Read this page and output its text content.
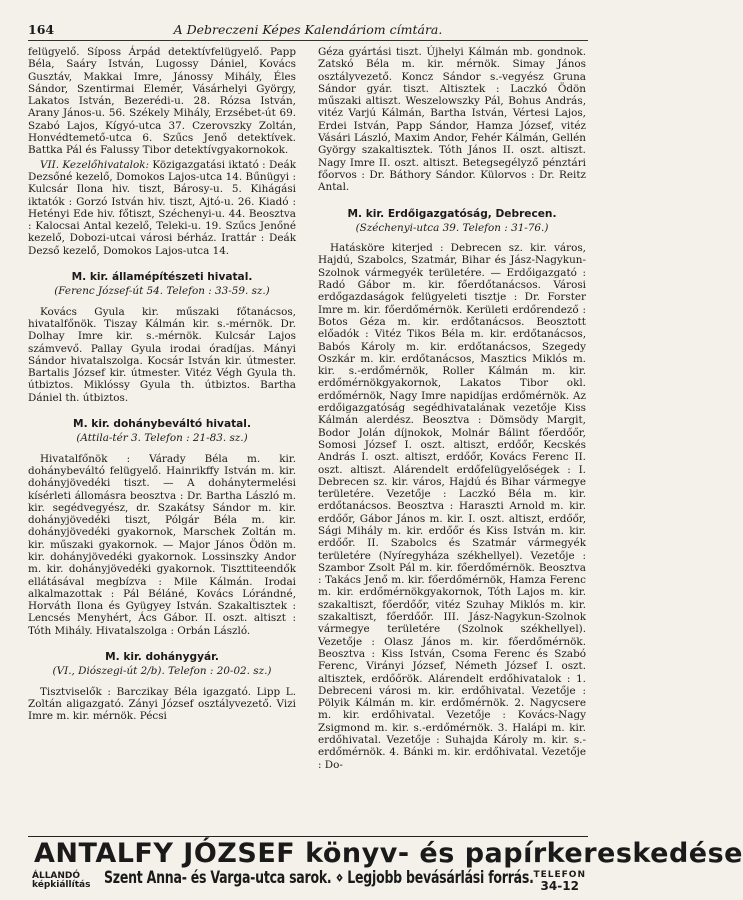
164	A Debreczeni Képes Kalendáriom címtára.

felügyelő. Síposs Árpád detektívfelügyelő. Papp Béla, Saáry István, Lugossy Dániel, Kovács Gusztáv, Makkai Imre, Jánossy Mihály, Éles Sándor, Szentirmai Elemér, Vásárhelyi György, Lakatos István, Bezerédi-u. 28. Rózsa István, Arany János-u. 56. Székely Mihály, Erzsébet-út 69. Szabó Lajos, Kígyó-utca 37. Czerovszky Zoltán, Honvédtemető-utca 6. Szűcs Jenő detektívek. Battka Pál és Falussy Tibor detektívgyakornokok.

VII. Kezelőhivatalok: Közigazgatási iktató : Deák Dezsőné kezelő, Domokos Lajos-utca 14. Bűnügyi : Kulcsár Ilona hiv. tiszt, Bárosy-u. 5. Kihágási iktatók : Gorzó István hiv. tiszt, Ajtó-u. 26. Kiadó : Hetényi Ede hiv. főtiszt, Széchenyi-u. 44. Beosztva : Kalocsai Antal kezelő, Teleki-u. 19. Szűcs Jenőné kezelő, Dobozi-utcai városi bérház. Irattár : Deák Dezső kezelő, Domokos Lajos-utca 14.

M. kir. államépítészeti hivatal.
(Ferenc József-út 54. Telefon : 33-59. sz.)

Kovács Gyula kir. műszaki főtanácsos, hivatalfőnök. Tiszay Kálmán kir. s.-mérnök. Dr. Dolhay Imre kir. s.-mérnök. Kulcsár Lajos számvevő. Pallay Gyula irodai óradíjas. Mányi Sándor hivatalszolga. Kocsár István kir. útmester. Bartalis József kir. útmester. Vitéz Végh Gyula th. útbiztos. Miklóssy Gyula th. útbiztos. Bartha Dániel th. útbiztos.

M. kir. dohánybeváltó hivatal.
(Attila-tér 3. Telefon : 21-83. sz.)

Hivatalfőnök : Várady Béla m. kir. dohánybeváltó felügyelő. Hainrikffy István m. kir. dohányjövedéki tiszt. — A dohánytermelési kísérleti állomásra beosztva : Dr. Bartha László m. kir. segédvegyész, dr. Szakátsy Sándor m. kir. dohányjövedéki tiszt, Pólgár Béla m. kir. dohányjövedéki gyakornok, Marschek Zoltán m. kir. műszaki gyakornok. — Major János Ödön m. kir. dohányjövedéki gyakornok. Lossinszky Andor m. kir. dohányjövedéki gyakornok. Tiszttiteendők ellátásával megbízva : Mile Kálmán. Irodai alkalmazottak : Pál Béláné, Kovács Lórándné, Horváth Ilona és Gyügyey István. Szakaltisztek : Lencsés Menyhért, Ács Gábor. II. oszt. altiszt : Tóth Mihály. Hivatalszolga : Orbán László.

M. kir. dohánygyár.
(VI., Diószegi-út 2/b). Telefon : 20-02. sz.)

Tisztviselők : Barczikay Béla igazgató. Lipp L. Zoltán aligazgató. Zányi József osztályvezető. Vizi Imre m. kir. mérnök. Pécsi

Géza gyártási tiszt. Újhelyi Kálmán mb. gondnok. Zatskó Béla m. kir. mérnök. Simay János osztályvezető. Koncz Sándor s.-vegyész Gruna Sándor gyár. tiszt. Altisztek : Laczkó Ödön műszaki altiszt. Weszelowszky Pál, Bohus András, vitéz Varjú Kálmán, Bartha István, Vértesi Lajos, Erdei István, Papp Sándor, Hamza József, vitéz Vásári László, Maxim Andor, Fehér Kálmán, Gellén György szakaltisztek. Tóth János II. oszt. altiszt. Nagy Imre II. oszt. altiszt. Betegsegélyző pénztári főorvos : Dr. Báthory Sándor. Külorvos : Dr. Reitz Antal.

M. kir. Erdőigazgatóság, Debrecen.
(Széchenyi-utca 39. Telefon : 31-76.)

Hatásköre kiterjed : Debrecen sz. kir. város, Hajdú, Szabolcs, Szatmár, Bihar és Jász-Nagykun-Szolnok vármegyék területére. — Erdőigazgató : Radó Gábor m. kir. főerdőtanácsos. Városi erdőgazdaságok felügyeleti tisztje : Dr. Forster Imre m. kir. főerdőmérnök. Kerületi erdőrendező : Botos Géza m. kir. erdőtanácsos. Beosztott előadók : Vitéz Tikos Béla m. kir. erdőtanácsos, Babós Károly m. kir. erdőtanácsos, Szegedy Oszkár m. kir. erdőtanácsos, Masztics Miklós m. kir. s.-erdőmérnök, Roller Kálmán m. kir. erdőmérnökgyakornok, Lakatos Tibor okl. erdőmérnök, Nagy Imre napidíjas erdőmérnök. Az erdőigazgatóság segédhivatalának vezetője Kiss Kálmán alerdész. Beosztva : Dömsödy Margit, Bodor Jolán díjnokok, Molnár Bálint főerdőőr, Somosi József I. oszt. altiszt, erdőőr, Kecskés András I. oszt. altiszt, erdőőr, Kovács Ferenc II. oszt. altiszt. Alárendelt erdőfelügyelőségek : I. Debrecen sz. kir. város, Hajdú és Bihar vármegye területére. Vezetője : Laczkó Béla m. kir. erdőtanácsos. Beosztva : Haraszti Arnold m. kir. erdőőr, Gábor János m. kir. I. oszt. altiszt, erdőőr, Sági Mihály m. kir. erdőőr és Kiss István m. kir. erdőőr. II. Szabolcs és Szatmár vármegyék területére (Nyíregyháza székhellyel). Vezetője : Szambor Zsolt Pál m. kir. főerdőmérnök. Beosztva : Takács Jenő m. kir. főerdőmérnök, Hamza Ferenc m. kir. erdőmérnökgyakornok, Tóth Lajos m. kir. szakaltiszt, főerdőőr, vitéz Szuhay Miklós m. kir. szakaltiszt, főerdőőr. III. Jász-Nagykun-Szolnok vármegye területére (Szolnok székhellyel). Vezetője : Olasz János m. kir. főerdőmérnök. Beosztva : Kiss István, Csoma Ferenc és Szabó Ferenc, Virányi József, Németh József I. oszt. altisztek, erdőőrök. Alárendelt erdőhivatalok : 1. Debreceni városi m. kir. erdőhivatal. Vezetője : Pölyik Kálmán m. kir. erdőmérnök. 2. Nagycsere m. kir. erdőhivatal. Vezetője : Kovács-Nagy Zsigmond m. kir. s.-erdőmérnök. 3. Halápi m. kir. erdőhivatal. Vezetője : Suhajda Károly m. kir. s.-erdőmérnök. 4. Bánki m. kir. erdőhivatal. Vezetője : Do-

ANTALFY JÓZSEF könyv- és papírkereskedése
ÁLLANDÓ
képkiállítás Szent Anna- és Varga-utca sarok. ⋄ Legjobb bevásárlási forrás. TELEFON
34-12
